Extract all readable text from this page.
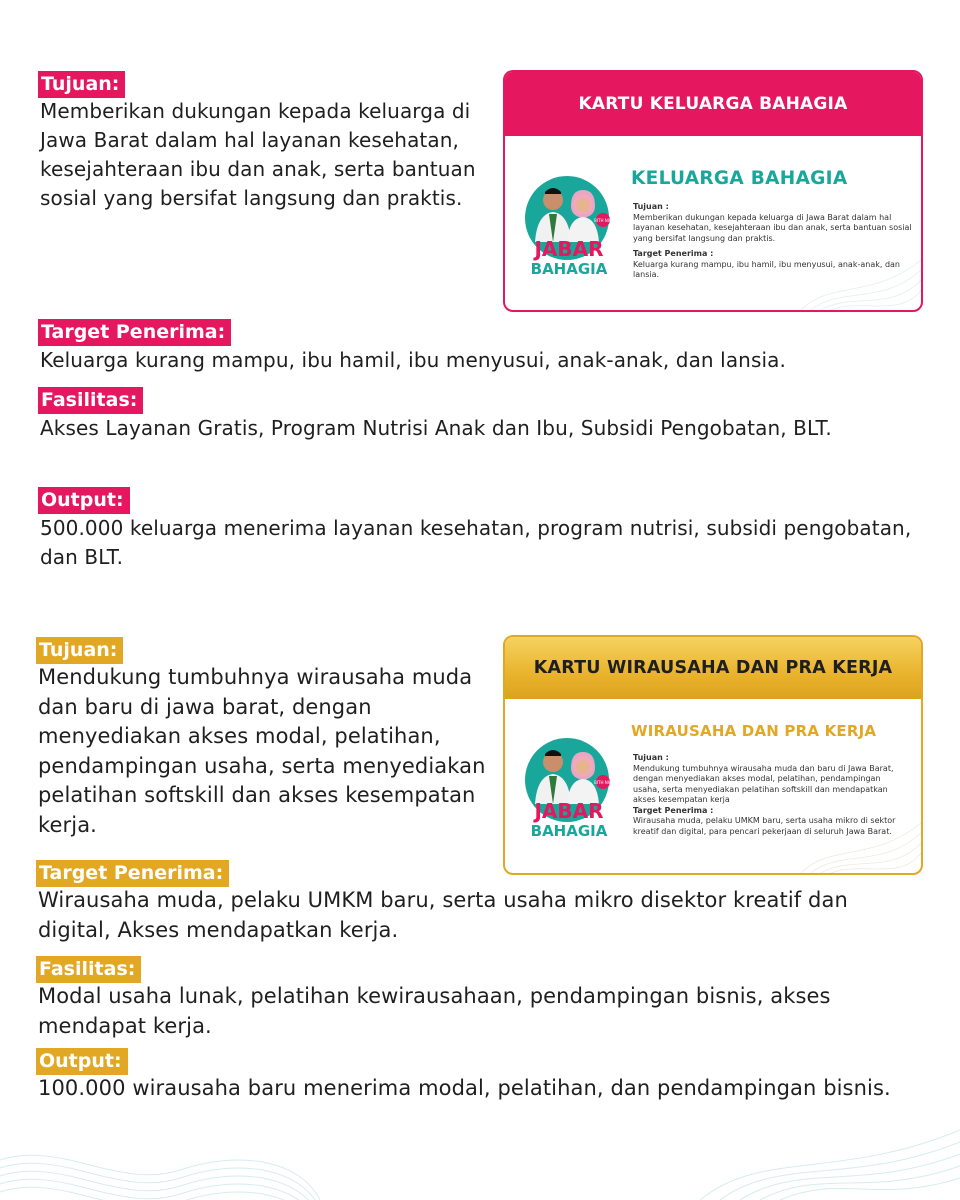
Tujuan:

Memberikan dukungan kepada keluarga di Jawa Barat dalam hal layanan kesehatan, kesejahteraan ibu dan anak, serta bantuan sosial yang bersifat langsung dan praktis.

Target Penerima:

Keluarga kurang mampu, ibu hamil, ibu menyusui, anak-anak, dan lansia.

Fasilitas:

Akses Layanan Gratis, Program Nutrisi Anak dan Ibu, Subsidi Pengobatan, BLT.

Output:

500.000 keluarga menerima layanan kesehatan, program nutrisi, subsidi pengobatan, dan BLT.

KARTU KELUARGA BAHAGIA
BITH NIH
JABAR
BAHAGIA
KELUARGA BAHAGIA
Tujuan :
Memberikan dukungan kepada keluarga di Jawa Barat dalam hal layanan kesehatan, kesejahteraan ibu dan anak, serta bantuan sosial yang bersifat langsung dan praktis.

Target Penerima :
Keluarga kurang mampu, ibu hamil, ibu menyusui, anak-anak, dan lansia.
Tujuan:

Mendukung tumbuhnya wirausaha muda dan baru di jawa barat, dengan menyediakan akses modal, pelatihan, pendampingan usaha, serta menyediakan pelatihan softskill dan akses kesempatan kerja.

Target Penerima:

Wirausaha muda, pelaku UMKM baru, serta usaha mikro disektor kreatif dan digital, Akses mendapatkan kerja.

Fasilitas:

Modal usaha lunak, pelatihan kewirausahaan, pendampingan bisnis, akses mendapat kerja.

Output:

100.000 wirausaha baru menerima modal, pelatihan, dan pendampingan bisnis.

KARTU WIRAUSAHA DAN PRA KERJA
BITH NIH
JABAR
BAHAGIA
WIRAUSAHA DAN PRA KERJA
Tujuan :
Mendukung tumbuhnya wirausaha muda dan baru di Jawa Barat, dengan menyediakan akses modal, pelatihan, pendampingan usaha, serta menyediakan pelatihan softskill dan mendapatkan akses kesempatan kerja
Target Penerima :
Wirausaha muda, pelaku UMKM baru, serta usaha mikro di sektor kreatif dan digital, para pencari pekerjaan di seluruh Jawa Barat.
